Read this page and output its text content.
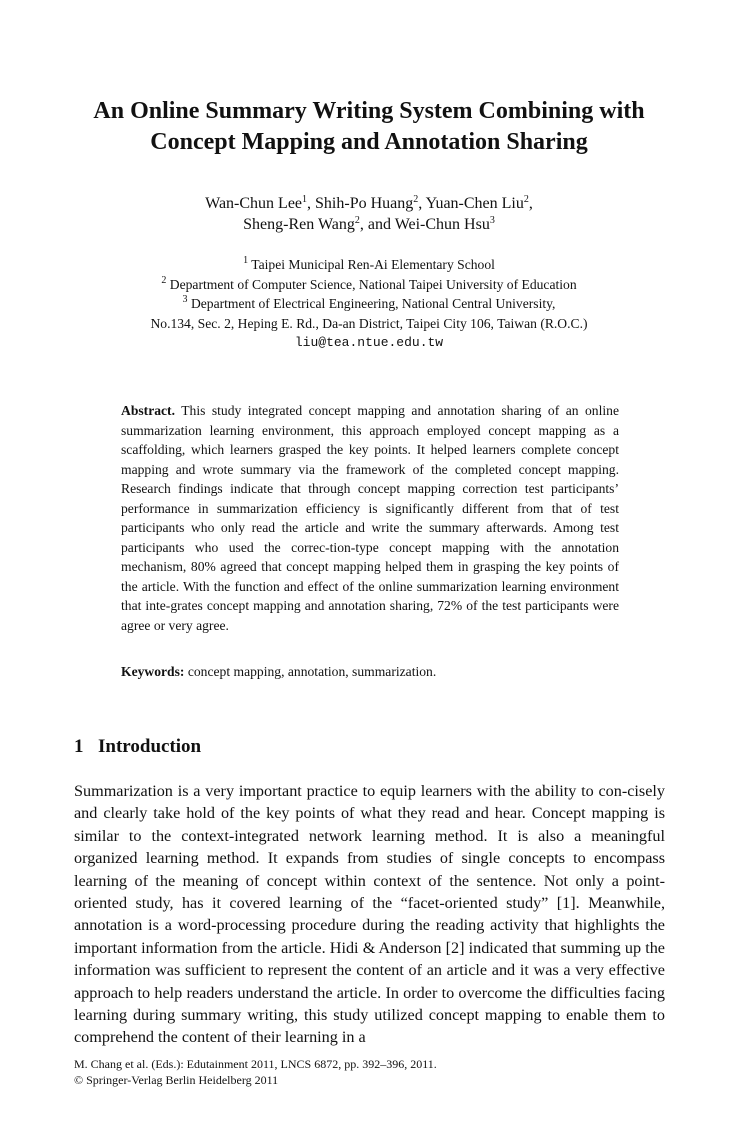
An Online Summary Writing System Combining with
Concept Mapping and Annotation Sharing
Wan-Chun Lee$^1$, Shih-Po Huang$^2$, Yuan-Chen Liu$^2$,
Sheng-Ren Wang$^2$, and Wei-Chun Hsu$^3$
$^1$ Taipei Municipal Ren-Ai Elementary School
$^2$ Department of Computer Science, National Taipei University of Education
$^3$ Department of Electrical Engineering, National Central University,
No.134, Sec. 2, Heping E. Rd., Da-an District, Taipei City 106, Taiwan (R.O.C.)
liu@tea.ntue.edu.tw
Abstract. This study integrated concept mapping and annotation sharing of an online summarization learning environment, this approach employed concept mapping as a scaffolding, which learners grasped the key points. It helped learners complete concept mapping and wrote summary via the framework of the completed concept mapping. Research findings indicate that through concept mapping correction test participants’ performance in summarization efficiency is significantly different from that of test participants who only read the article and write the summary afterwards. Among test participants who used the correc-tion-type concept mapping with the annotation mechanism, 80% agreed that concept mapping helped them in grasping the key points of the article. With the function and effect of the online summarization learning environment that inte-grates concept mapping and annotation sharing, 72% of the test participants were agree or very agree.
Keywords: concept mapping, annotation, summarization.
1 Introduction
Summarization is a very important practice to equip learners with the ability to con-cisely and clearly take hold of the key points of what they read and hear. Concept mapping is similar to the context-integrated network learning method. It is also a meaningful organized learning method. It expands from studies of single concepts to encompass learning of the meaning of concept within context of the sentence. Not only a point-oriented study, has it covered learning of the “facet-oriented study” [1]. Meanwhile, annotation is a word-processing procedure during the reading activity that highlights the important information from the article. Hidi & Anderson [2] indicated that summing up the information was sufficient to represent the content of an article and it was a very effective approach to help readers understand the article. In order to overcome the difficulties facing learning during summary writing, this study utilized concept mapping to enable them to comprehend the content of their learning in a
M. Chang et al. (Eds.): Edutainment 2011, LNCS 6872, pp. 392–396, 2011.
© Springer-Verlag Berlin Heidelberg 2011
